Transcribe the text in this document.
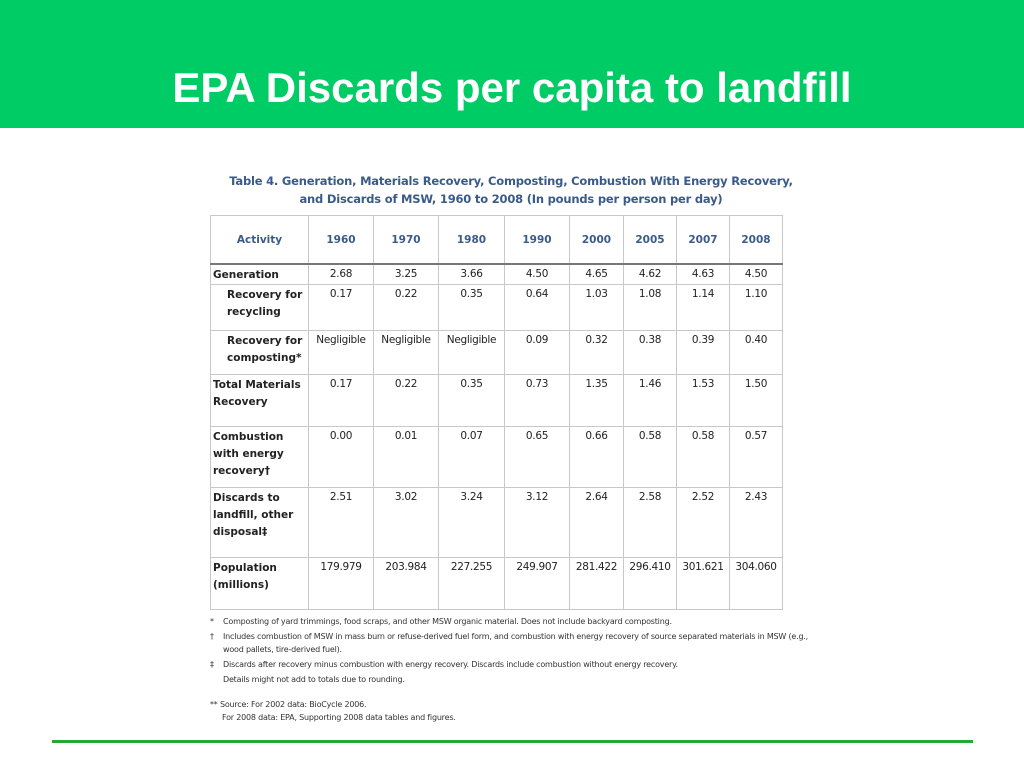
EPA Discards per capita to landfill
Table 4. Generation, Materials Recovery, Composting, Combustion With Energy Recovery,
and Discards of MSW, 1960 to 2008 (In pounds per person per day)
Activity	1960	1970	1980	1990	2000	2005	2007	2008
Generation	2.68	3.25	3.66	4.50	4.65	4.62	4.63	4.50
Recovery for recycling	0.17	0.22	0.35	0.64	1.03	1.08	1.14	1.10
Recovery for composting*	Negligible	Negligible	Negligible	0.09	0.32	0.38	0.39	0.40
Total Materials Recovery	0.17	0.22	0.35	0.73	1.35	1.46	1.53	1.50
Combustion with energy recovery†	0.00	0.01	0.07	0.65	0.66	0.58	0.58	0.57
Discards to landfill, other disposal‡	2.51	3.02	3.24	3.12	2.64	2.58	2.52	2.43
Population (millions)	179.979	203.984	227.255	249.907	281.422	296.410	301.621	304.060
*	Composting of yard trimmings, food scraps, and other MSW organic material. Does not include backyard composting.
†	Includes combustion of MSW in mass burn or refuse-derived fuel form, and combustion with energy recovery of source separated materials in MSW (e.g., wood pallets, tire-derived fuel).
‡	Discards after recovery minus combustion with energy recovery. Discards include combustion without energy recovery.
Details might not add to totals due to rounding.
** Source: For 2002 data: BioCycle 2006.
For 2008 data: EPA, Supporting 2008 data tables and figures.
